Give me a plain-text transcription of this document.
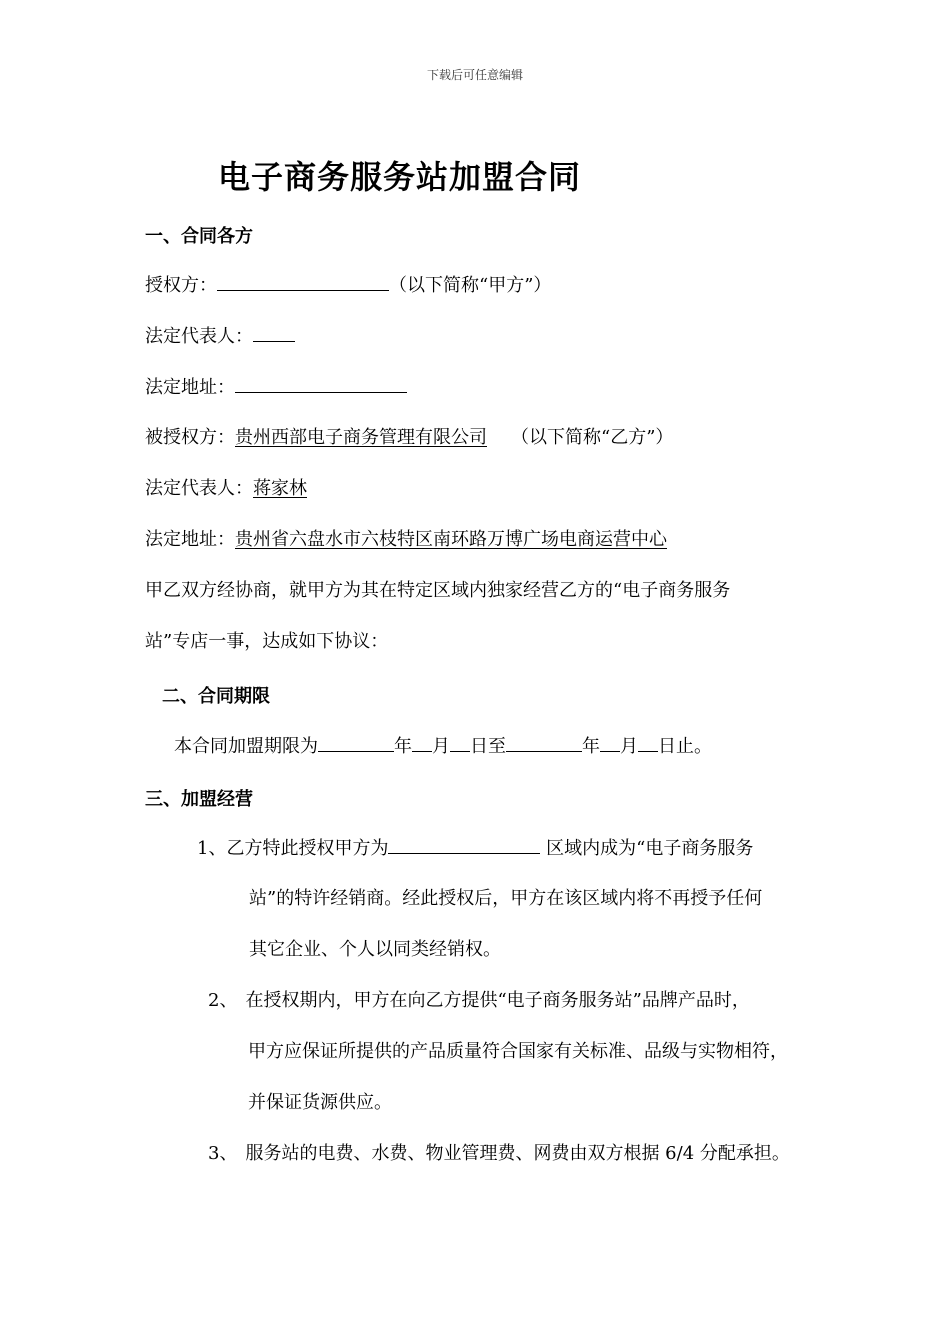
下载后可任意编辑
电子商务服务站加盟合同
一、合同各方
授权方：	（以下简称“甲方”）
法定代表人：
法定地址：
被授权方：贵州西部电子商务管理有限公司 （以下简称“乙方”）
法定代表人：蒋家林
法定地址：贵州省六盘水市六枝特区南环路万博广场电商运营中心
甲乙双方经协商，就甲方为其在特定区域内独家经营乙方的“电子商务服务
站”专店一事，达成如下协议：
二、合同期限
本合同加盟期限为	年 月 日至	年 月 日止。
三、加盟经营
1、乙方特此授权甲方为	区域内成为“电子商务服务
站”的特许经销商。经此授权后，甲方在该区域内将不再授予任何
其它企业、个人以同类经销权。
2、 在授权期内，甲方在向乙方提供“电子商务服务站”品牌产品时，
甲方应保证所提供的产品质量符合国家有关标准、品级与实物相符，
并保证货源供应。
3、 服务站的电费、水费、物业管理费、网费由双方根据 6/4 分配承担。
